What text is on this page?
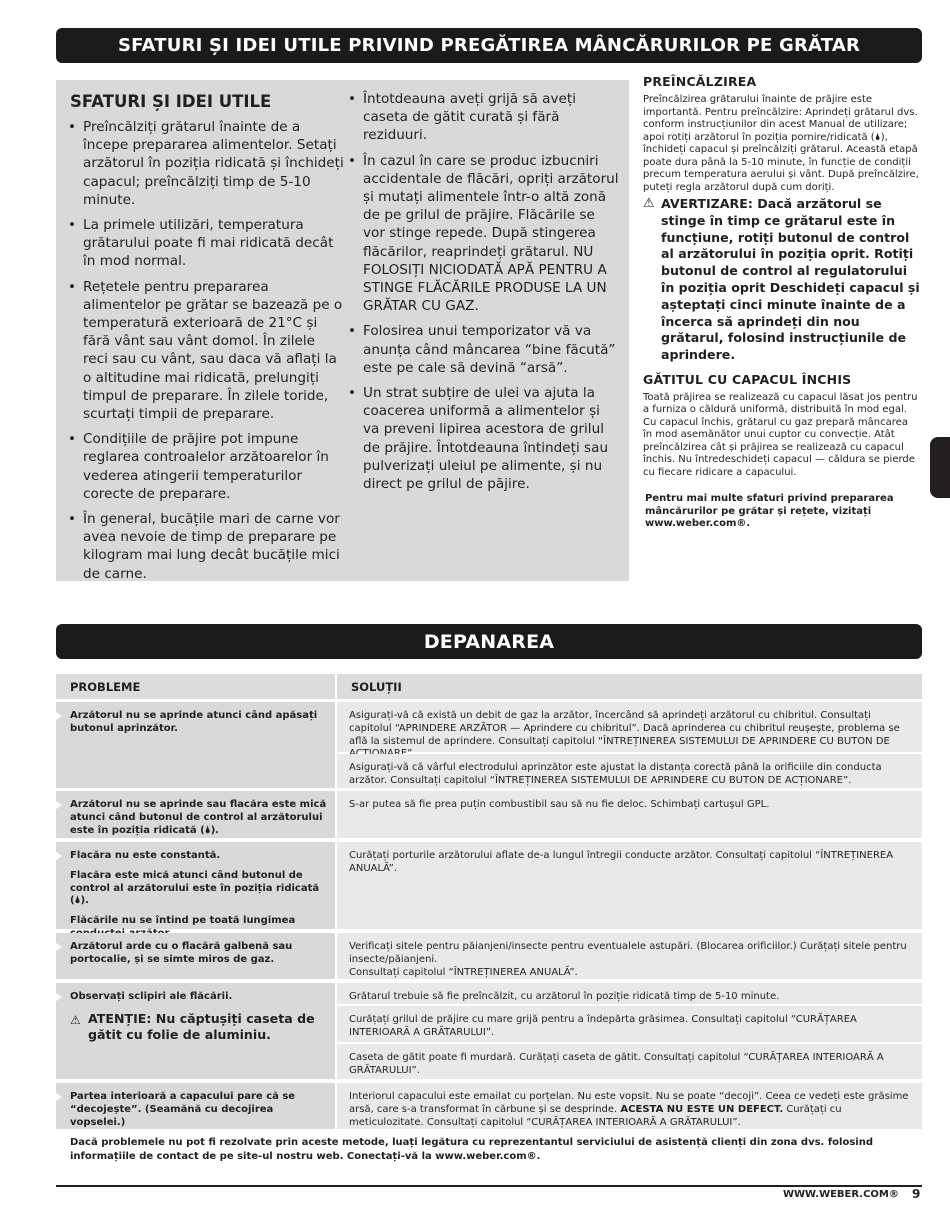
SFATURI ȘI IDEI UTILE PRIVIND PREGĂTIREA MÂNCĂRURILOR PE GRĂTAR
SFATURI ȘI IDEI UTILE
• Preîncălziți grătarul înainte de a începe prepararea alimentelor. Setați arzătorul în poziția ridicată și închideți capacul; preîncălziți timp de 5-10 minute.
• La primele utilizări, temperatura grătarului poate fi mai ridicată decât în mod normal.
• Rețetele pentru prepararea alimentelor pe grătar se bazează pe o temperatură exterioară de 21°C și fără vânt sau vânt domol. În zilele reci sau cu vânt, sau daca vă aflați la o altitudine mai ridicată, prelungiți timpul de preparare. În zilele toride, scurtați timpii de preparare.
• Condițiile de prăjire pot impune reglarea controalelor arzătoarelor în vederea atingerii temperaturilor corecte de preparare.
• În general, bucățile mari de carne vor avea nevoie de timp de preparare pe kilogram mai lung decât bucățile mici de carne.
• Întotdeauna aveți grijă să aveți caseta de gătit curată și fără reziduuri.
• În cazul în care se produc izbucniri accidentale de flăcări, opriți arzătorul și mutați alimentele într-o altă zonă de pe grilul de prăjire. Flăcările se vor stinge repede. După stingerea flăcărilor, reaprindeți grătarul. NU FOLOSIȚI NICIODATĂ APĂ PENTRU A STINGE FLĂCĂRILE PRODUSE LA UN GRĂTAR CU GAZ.
• Folosirea unui temporizator vă va anunța când mâncarea “bine făcută” este pe cale să devină “arsă”.
• Un strat subțire de ulei va ajuta la coacerea uniformă a alimentelor și va preveni lipirea acestora de grilul de prăjire. Întotdeauna întindeți sau pulverizați uleiul pe alimente, și nu direct pe grilul de păjire.
PREÎNCĂLZIREA

Preîncălzirea grătarului înainte de prăjire este importantă. Pentru preîncălzire: Aprindeți grătarul dvs. conform instrucțiunilor din acest Manual de utilizare; apoi rotiți arzătorul în poziția pornire/ridicată (🌢), închideți capacul și preîncălziți grătarul. Această etapă poate dura până la 5-10 minute, în funcție de condiții precum temperatura aerului și vânt. După preîncălzire, puteți regla arzătorul după cum doriți.

⚠ AVERTIZARE: Dacă arzătorul se stinge în timp ce grătarul este în funcțiune, rotiți butonul de control al arzătorului în poziția oprit. Rotiți butonul de control al regulatorului în poziția oprit Deschideți capacul și așteptați cinci minute înainte de a încerca să aprindeți din nou grătarul, folosind instrucțiunile de aprindere.
GĂTITUL CU CAPACUL ÎNCHIS

Toată prăjirea se realizează cu capacul lăsat jos pentru a furniza o căldură uniformă, distribuită în mod egal. Cu capacul închis, grătarul cu gaz prepară mâncarea în mod asemănător unui cuptor cu convecție. Atât preîncălzirea cât și prăjirea se realizează cu capacul închis. Nu întredeschideți capacul — căldura se pierde cu fiecare ridicare a capacului.

Pentru mai multe sfaturi privind prepararea mâncărurilor pe grătar și rețete, vizitați www.weber.com®.

DEPANAREA
PROBLEME	SOLUȚII
Arzătorul nu se aprinde atunci când apăsați butonul aprinzător.
Asigurați-vă că există un debit de gaz la arzător, încercând să aprindeți arzătorul cu chibritul. Consultați capitolul “APRINDERE ARZĂTOR — Aprindere cu chibritul”. Dacă aprinderea cu chibritul reușește, problema se află la sistemul de aprindere. Consultați capitolul “ÎNTREȚINEREA SISTEMULUI DE APRINDERE CU BUTON DE
Asigurați-vă că vârful electrodului aprinzător este ajustat la distanța corectă până la orificiile din conducta arzător. Consultați capitolul “ÎNTREȚINEREA SISTEMULUI DE APRINDERE CU BUTON DE ACȚIONARE”.
Arzătorul nu se aprinde sau flacăra este mică atunci când butonul de control al arzătorului este în poziția ridicată (🌢).
S-ar putea să fie prea puțin combustibil sau să nu fie deloc. Schimbați cartușul GPL.
Flacăra nu este constantă.
Flacăra este mică atunci când butonul de control al arzătorului este în poziția ridicată (🌢).
Flăcările nu se întind pe toată lungimea
Curățați porturile arzătorului aflate de-a lungul întregii conducte arzător. Consultați capitolul “ÎNTREȚINEREA ANUALĂ”.
Arzătorul arde cu o flacără galbenă sau portocalie, și se simte miros de gaz.
Verificați sitele pentru păianjeni/insecte pentru eventualele astupări. (Blocarea orificiilor.) Curățați sitele pentru insecte/păianjeni.
Consultați capitolul “ÎNTREȚINEREA ANUALĂ”.
Observați sclipiri ale flăcării.
⚠ ATENȚIE: Nu căptușiți caseta de gătit cu folie de aluminiu.
Grătarul trebuie să fie preîncălzit, cu arzătorul în poziție ridicată timp de 5-10 minute.
Curățați grilul de prăjire cu mare grijă pentru a îndepărta grăsimea. Consultați capitolul “CURĂȚAREA INTERIOARĂ A GRĂTARULUI”.
Caseta de gătit poate fi murdară. Curățați caseta de gătit. Consultați capitolul “CURĂȚAREA INTERIOARĂ A GRĂTARULUI”.
Partea interioară a capacului pare că se “decojește”. (Seamănă cu decojirea vopselei.)
Interiorul capacului este emailat cu porțelan. Nu este vopsit. Nu se poate “decoji”. Ceea ce vedeți este grăsime arsă, care s-a transformat în cărbune și se desprinde. ACESTA NU ESTE UN DEFECT. Curățați cu meticulozitate. Consultați capitolul “CURĂȚAREA INTERIOARĂ A GRĂTARULUI”.
Dacă problemele nu pot fi rezolvate prin aceste metode, luați legătura cu reprezentantul serviciului de asistență clienți din zona dvs. folosind informațiile de contact de pe site-ul nostru web. Conectați-vă la www.weber.com®.
WWW.WEBER.COM® 9
